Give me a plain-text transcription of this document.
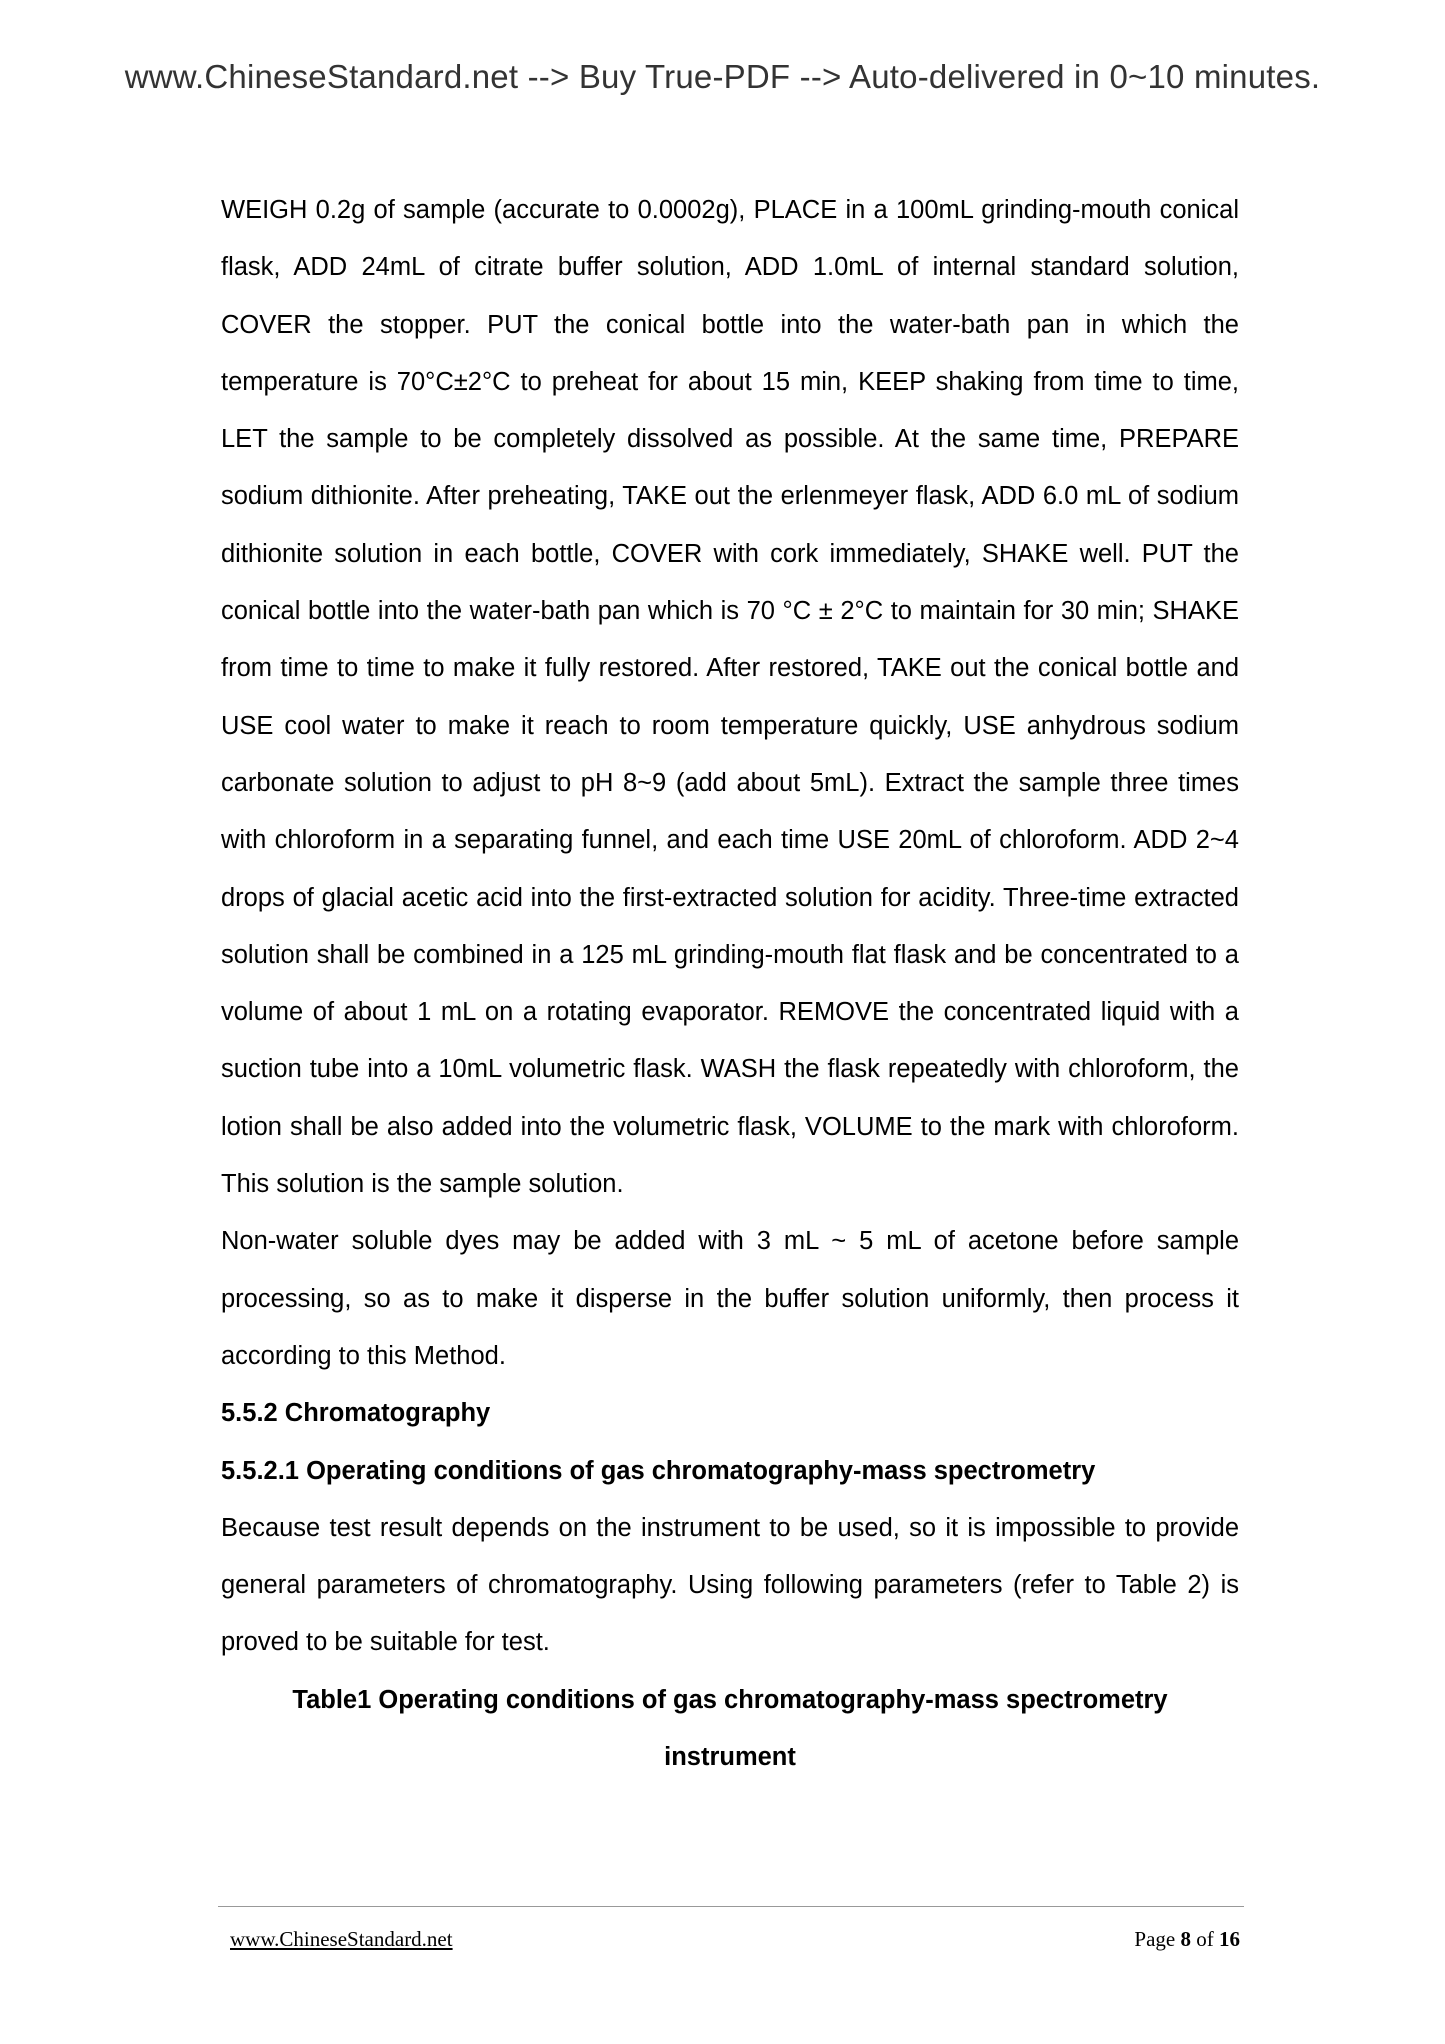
www.ChineseStandard.net --> Buy True-PDF --> Auto-delivered in 0~10 minutes.

WEIGH 0.2g of sample (accurate to 0.0002g), PLACE in a 100mL grinding-mouth conical flask, ADD 24mL of citrate buffer solution, ADD 1.0mL of internal standard solution, COVER the stopper. PUT the conical bottle into the water-bath pan in which the temperature is 70°C±2°C to preheat for about 15 min, KEEP shaking from time to time, LET the sample to be completely dissolved as possible. At the same time, PREPARE sodium dithionite. After preheating, TAKE out the erlenmeyer flask, ADD 6.0 mL of sodium dithionite solution in each bottle, COVER with cork immediately, SHAKE well. PUT the conical bottle into the water-bath pan which is 70 °C ± 2°C to maintain for 30 min; SHAKE from time to time to make it fully restored. After restored, TAKE out the conical bottle and USE cool water to make it reach to room temperature quickly, USE anhydrous sodium carbonate solution to adjust to pH 8~9 (add about 5mL). Extract the sample three times with chloroform in a separating funnel, and each time USE 20mL of chloroform. ADD 2~4 drops of glacial acetic acid into the first-extracted solution for acidity. Three-time extracted solution shall be combined in a 125 mL grinding-mouth flat flask and be concentrated to a volume of about 1 mL on a rotating evaporator. REMOVE the concentrated liquid with a suction tube into a 10mL volumetric flask. WASH the flask repeatedly with chloroform, the lotion shall be also added into the volumetric flask, VOLUME to the mark with chloroform. This solution is the sample solution.

Non-water soluble dyes may be added with 3 mL ~ 5 mL of acetone before sample processing, so as to make it disperse in the buffer solution uniformly, then process it according to this Method.

5.5.2 Chromatography

5.5.2.1 Operating conditions of gas chromatography-mass spectrometry

Because test result depends on the instrument to be used, so it is impossible to provide general parameters of chromatography. Using following parameters (refer to Table 2) is proved to be suitable for test.

Table1 Operating conditions of gas chromatography-mass spectrometry

instrument

www.ChineseStandard.net	Page 8 of 16
